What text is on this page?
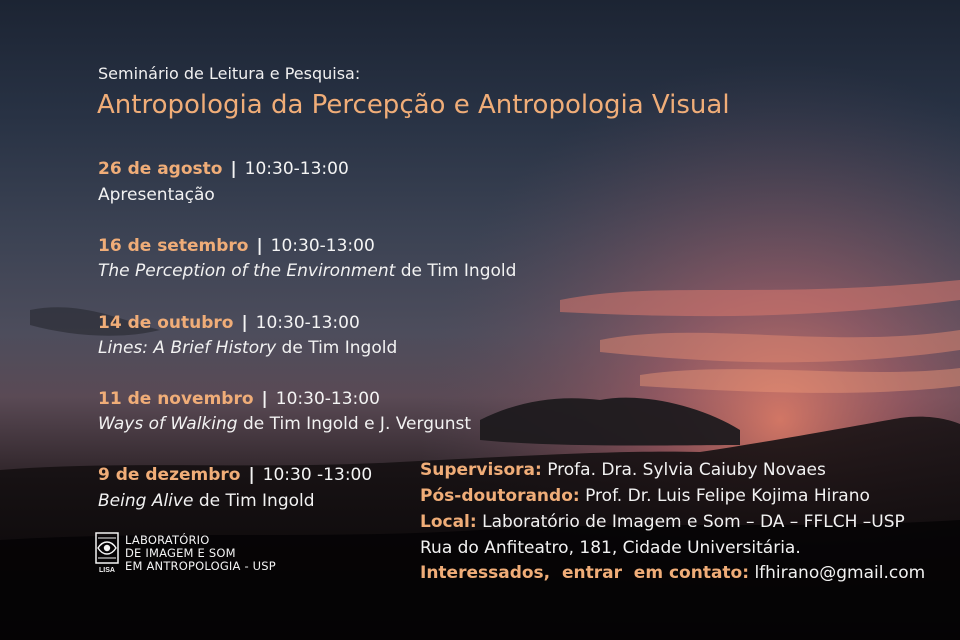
Seminário de Leitura e Pesquisa:
Antropologia da Percepção e Antropologia Visual
26 de agosto | 10:30-13:00
Apresentação
16 de setembro | 10:30-13:00
The Perception of the Environment de Tim Ingold
14 de outubro | 10:30-13:00
Lines: A Brief History de Tim Ingold
11 de novembro | 10:30-13:00
Ways of Walking de Tim Ingold e J. Vergunst
9 de dezembro | 10:30 -13:00
Being Alive de Tim Ingold
Supervisora: Profa. Dra. Sylvia Caiuby Novaes
Pós-doutorando: Prof. Dr. Luis Felipe Kojima Hirano
Local: Laboratório de Imagem e Som – DA – FFLCH –USP
Rua do Anfiteatro, 181, Cidade Universitária.
Interessados,  entrar  em contato: lfhirano@gmail.com
LISA
LABORATÓRIO
DE IMAGEM E SOM
EM ANTROPOLOGIA - USP
